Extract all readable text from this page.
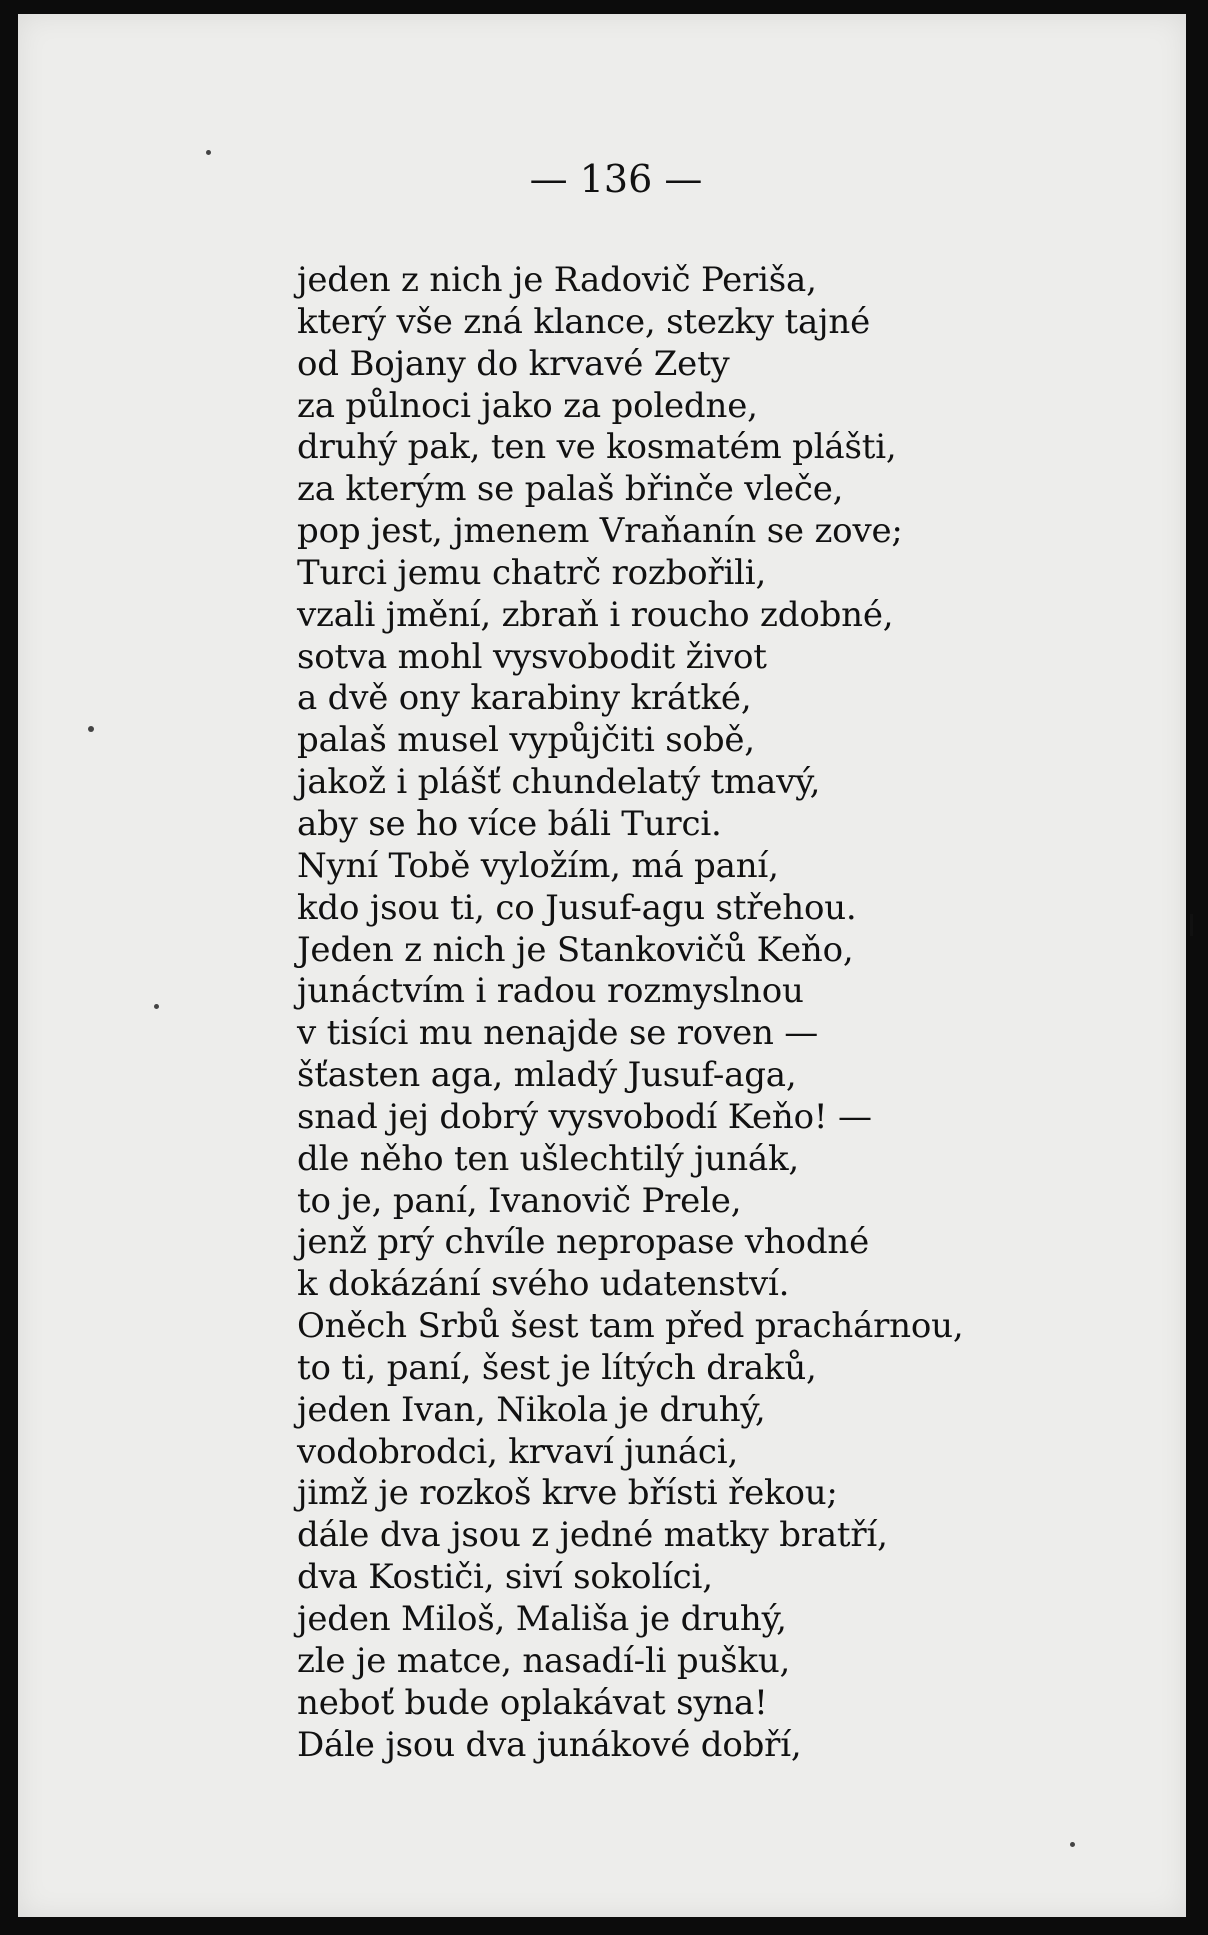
— 136 —

jeden z nich je Radovič Periša,
který vše zná klance, stezky tajné
od Bojany do krvavé Zety
za půlnoci jako za poledne,
druhý pak, ten ve kosmatém plášti,
za kterým se palaš břinče vleče,
pop jest, jmenem Vraňanín se zove;
Turci jemu chatrč rozbořili,
vzali jmění, zbraň i roucho zdobné,
sotva mohl vysvobodit život
a dvě ony karabiny krátké,
palaš musel vypůjčiti sobě,
jakož i plášť chundelatý tmavý,
aby se ho více báli Turci.
Nyní Tobě vyložím, má paní,
kdo jsou ti, co Jusuf-agu střehou.
Jeden z nich je Stankovičů Keňo,
junáctvím i radou rozmyslnou
v tisíci mu nenajde se roven —
šťasten aga, mladý Jusuf-aga,
snad jej dobrý vysvobodí Keňo! —
dle něho ten ušlechtilý junák,
to je, paní, Ivanovič Prele,
jenž prý chvíle nepropase vhodné
k dokázání svého udatenství.
Oněch Srbů šest tam před prachárnou,
to ti, paní, šest je lítých draků,
jeden Ivan, Nikola je druhý,
vodobrodci, krvaví junáci,
jimž je rozkoš krve břísti řekou;
dále dva jsou z jedné matky bratří,
dva Kostiči, siví sokolíci,
jeden Miloš, Mališa je druhý,
zle je matce, nasadí-li pušku,
neboť bude oplakávat syna!
Dále jsou dva junákové dobří,
